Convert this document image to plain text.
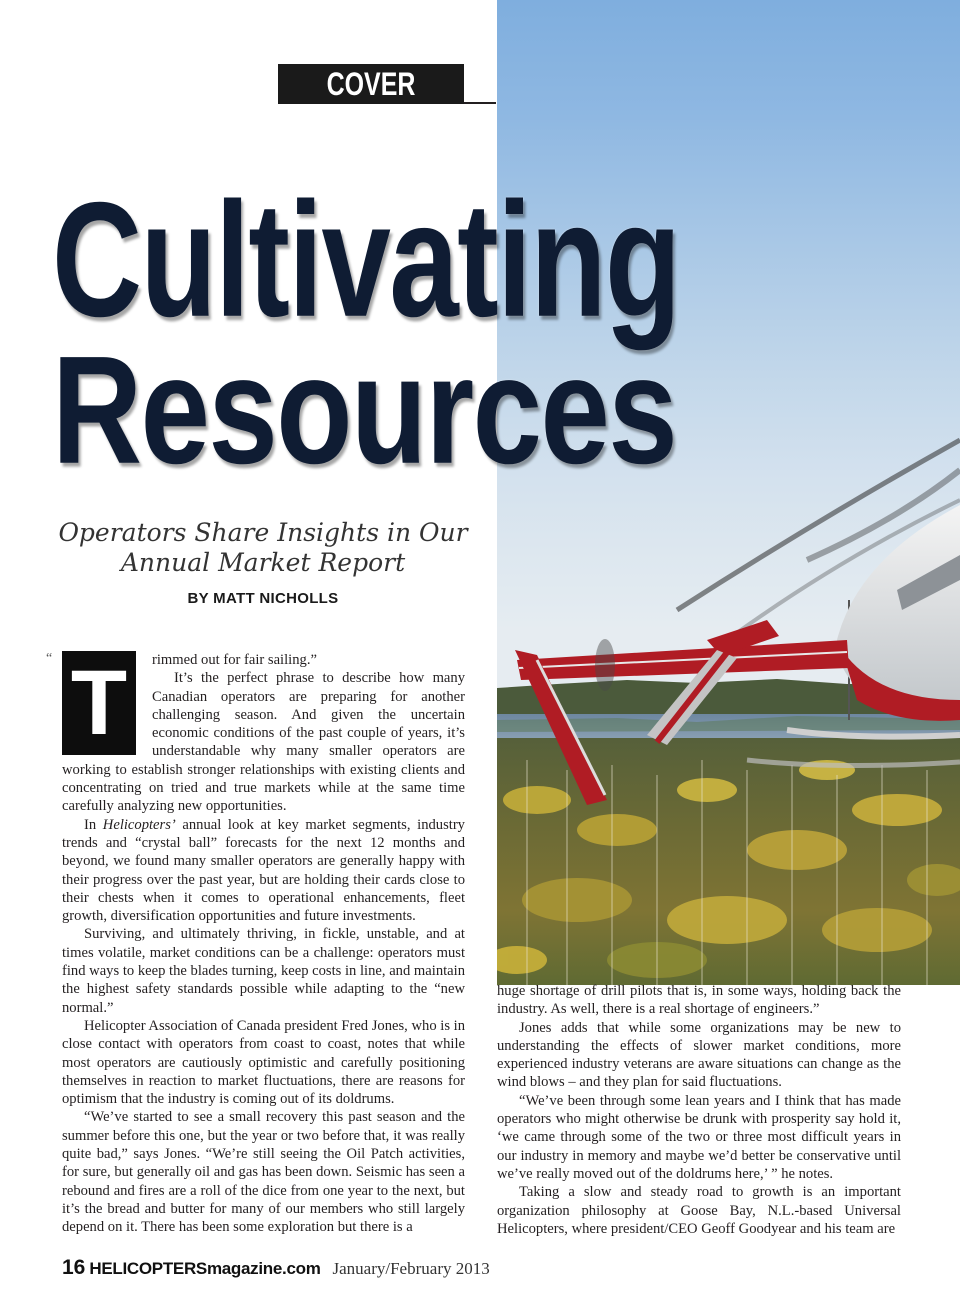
COVER STORY
Cultivating
Resources
Operators Share Insights in Our
Annual Market Report
BY MATT NICHOLLS
“ T	rimmed out for fair sailing.”

It’s the perfect phrase to describe how many Canadian operators are preparing for another challenging season. And given the uncertain economic conditions of the past couple of years, it’s understandable why many smaller operators are working to establish stronger relationships with existing clients and concentrating on tried and true markets while at the same time carefully analyzing new opportunities.

In Helicopters’ annual look at key market segments, industry trends and “crystal ball” forecasts for the next 12 months and beyond, we found many smaller operators are generally happy with their progress over the past year, but are holding their cards close to their chests when it comes to operational enhancements, fleet growth, diversification opportunities and future investments.

Surviving, and ultimately thriving, in fickle, unstable, and at times volatile, market conditions can be a challenge: operators must find ways to keep the blades turning, keep costs in line, and maintain the highest safety standards possible while adapting to the “new normal.”

Helicopter Association of Canada president Fred Jones, who is in close contact with operators from coast to coast, notes that while most operators are cautiously optimistic and carefully positioning themselves in reaction to market fluctuations, there are reasons for optimism that the industry is coming out of its doldrums.

“We’ve started to see a small recovery this past season and the summer before this one, but the year or two before that, it was really quite bad,” says Jones. “We’re still seeing the Oil Patch activities, for sure, but generally oil and gas has been down. Seismic has seen a rebound and fires are a roll of the dice from one year to the next, but it’s the bread and butter for many of our members who still largely depend on it. There has been some exploration but there is a

huge shortage of drill pilots that is, in some ways, holding back the industry. As well, there is a real shortage of engineers.”

Jones adds that while some organizations may be new to understanding the effects of slower market conditions, more experienced industry veterans are aware situations can change as the wind blows – and they plan for said fluctuations.

“We’ve been through some lean years and I think that has made operators who might otherwise be drunk with prosperity say hold it, ‘we came through some of the two or three most difficult years in our industry in memory and maybe we’d better be conservative until we’ve really moved out of the doldrums here,’ ” he notes.

Taking a slow and steady road to growth is an important organization philosophy at Goose Bay, N.L.-based Universal Helicopters, where president/CEO Geoff Goodyear and his team are

16 HELICOPTERSmagazine.com January/February 2013
